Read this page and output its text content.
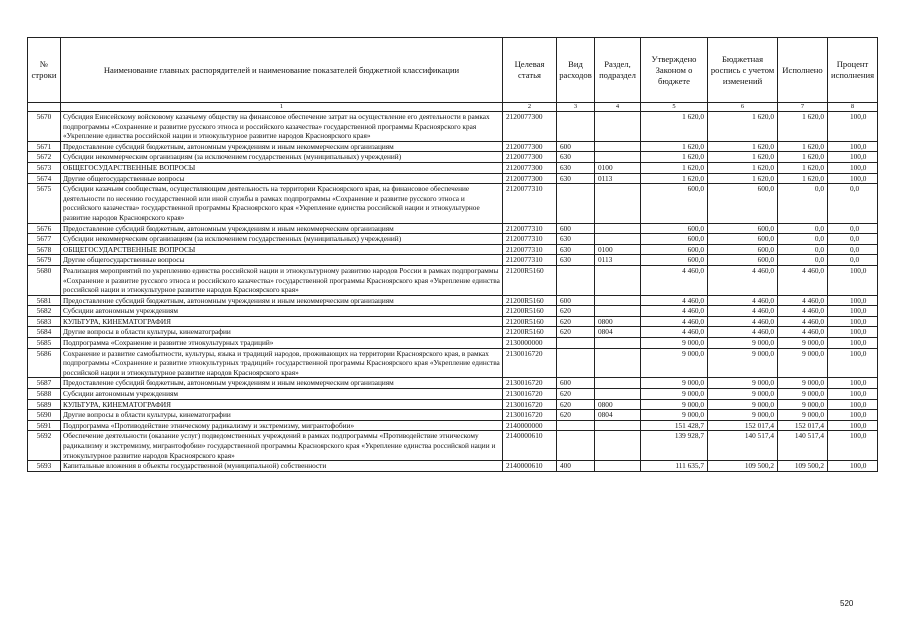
№ строки	Наименование главных распорядителей и наименование показателей бюджетной классификации	Целевая статья	Вид расходов	Раздел, подраздел	Утверждено Законом о бюджете	Бюджетная роспись с учетом изменений	Исполнено	Процент исполнения
	1	2	3	4	5	6	7	8
5670	Субсидия Енисейскому войсковому казачьему обществу на финансовое обеспечение затрат на осуществление его деятельности в рамках подпрограммы «Сохранение и развитие русского этноса и российского казачества» государственной программы Красноярского края «Укрепление единства российской нации и этнокультурное развитие народов Красноярского края»	2120077300			1 620,0	1 620,0	1 620,0	100,0
5671	Предоставление субсидий бюджетным, автономным учреждениям и иным некоммерческим организациям	2120077300	600		1 620,0	1 620,0	1 620,0	100,0
5672	Субсидии некоммерческим организациям (за исключением государственных (муниципальных) учреждений)	2120077300	630		1 620,0	1 620,0	1 620,0	100,0
5673	ОБЩЕГОСУДАРСТВЕННЫЕ ВОПРОСЫ	2120077300	630	0100	1 620,0	1 620,0	1 620,0	100,0
5674	Другие общегосударственные вопросы	2120077300	630	0113	1 620,0	1 620,0	1 620,0	100,0
5675	Субсидии казачьим сообществам, осуществляющим деятельность на территории Красноярского края, на финансовое обеспечение деятельности по несению государственной или иной службы в рамках подпрограммы «Сохранение и развитие русского этноса и российского казачества» государственной программы Красноярского края «Укрепление единства российской нации и этнокультурное развитие народов Красноярского края»	2120077310			600,0	600,0	0,0	0,0
5676	Предоставление субсидий бюджетным, автономным учреждениям и иным некоммерческим организациям	2120077310	600		600,0	600,0	0,0	0,0
5677	Субсидии некоммерческим организациям (за исключением государственных (муниципальных) учреждений)	2120077310	630		600,0	600,0	0,0	0,0
5678	ОБЩЕГОСУДАРСТВЕННЫЕ ВОПРОСЫ	2120077310	630	0100	600,0	600,0	0,0	0,0
5679	Другие общегосударственные вопросы	2120077310	630	0113	600,0	600,0	0,0	0,0
5680	Реализация мероприятий по укреплению единства российской нации и этнокультурному развитию народов России в рамках подпрограммы «Сохранение и развитие русского этноса и российского казачества» государственной программы Красноярского края «Укрепление единства российской нации и этнокультурное развитие народов Красноярского края»	21200R5160			4 460,0	4 460,0	4 460,0	100,0
5681	Предоставление субсидий бюджетным, автономным учреждениям и иным некоммерческим организациям	21200R5160	600		4 460,0	4 460,0	4 460,0	100,0
5682	Субсидии автономным учреждениям	21200R5160	620		4 460,0	4 460,0	4 460,0	100,0
5683	КУЛЬТУРА, КИНЕМАТОГРАФИЯ	21200R5160	620	0800	4 460,0	4 460,0	4 460,0	100,0
5684	Другие вопросы в области культуры, кинематографии	21200R5160	620	0804	4 460,0	4 460,0	4 460,0	100,0
5685	Подпрограмма «Сохранение и развитие этнокультурных традиций»	2130000000			9 000,0	9 000,0	9 000,0	100,0
5686	Сохранение и развитие самобытности, культуры, языка и традиций народов, проживающих на территории Красноярского края, в рамках подпрограммы «Сохранение и развитие этнокультурных традиций» государственной программы Красноярского края «Укрепление единства российской нации и этнокультурное развитие народов Красноярского края»	2130016720			9 000,0	9 000,0	9 000,0	100,0
5687	Предоставление субсидий бюджетным, автономным учреждениям и иным некоммерческим организациям	2130016720	600		9 000,0	9 000,0	9 000,0	100,0
5688	Субсидии автономным учреждениям	2130016720	620		9 000,0	9 000,0	9 000,0	100,0
5689	КУЛЬТУРА, КИНЕМАТОГРАФИЯ	2130016720	620	0800	9 000,0	9 000,0	9 000,0	100,0
5690	Другие вопросы в области культуры, кинематографии	2130016720	620	0804	9 000,0	9 000,0	9 000,0	100,0
5691	Подпрограмма «Противодействие этническому радикализму и экстремизму, мигрантофобии»	2140000000			151 428,7	152 017,4	152 017,4	100,0
5692	Обеспечение деятельности (оказание услуг) подведомственных учреждений в рамках подпрограммы «Противодействие этническому радикализму и экстремизму, мигрантофобии» государственной программы Красноярского края «Укрепление единства российской нации и этнокультурное развитие народов Красноярского края»	2140000610			139 928,7	140 517,4	140 517,4	100,0
5693	Капитальные вложения в объекты государственной (муниципальной) собственности	2140000610	400		111 635,7	109 500,2	109 500,2	100,0
520
